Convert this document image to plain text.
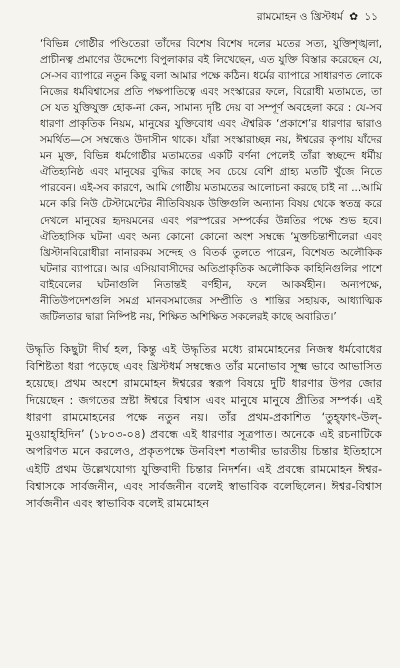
রামমোহন ও খ্রিস্টধর্ম ✿ ১১

‘বিভিন্ন গোষ্ঠীর পণ্ডিতেরা তাঁদের বিশেষ বিশেষ দলের মতের সত্য, যুক্তিশৃঙ্খলা, প্রাচীনত্ব প্রমাণের উদ্দেশ্যে বিপুলাকার বই লিখেছেন, এত যুক্তি বিস্তার করেছেন যে, সে-সব ব্যাপারে নতুন কিছু বলা আমার পক্ষে কঠিন। ধর্মের ব্যাপারে সাধারণত লোকে নিজের ধর্মবিশ্বাসের প্রতি পক্ষপাতিত্বে এবং সংস্কারের ফলে, বিরোধী মতামতে, তা সে যত যুক্তিযুক্ত হোক-না কেন, সামান্য দৃষ্টি দেয় বা সম্পূর্ণ অবহেলা করে : যে-সব ধারণা প্রাকৃতিক নিয়ম, মানুষের যুক্তিবোধ এবং ঐশ্বরিক ‘প্রকাশে’র ধারণার দ্বারাও সমর্থিত—সে সম্বন্ধেও উদাসীন থাকে। যাঁরা সংস্কারাচ্ছন্ন নয়, ঈশ্বরের কৃপায় যাঁদের মন মুক্ত, বিভিন্ন ধর্মগোষ্ঠীর মতামতের একটি বর্ণনা পেলেই তাঁরা স্বচ্ছন্দে ধর্মীয় ঐতিহ্যনিষ্ঠ এবং মানুষের বুদ্ধির কাছে সব চেয়ে বেশি গ্রাহ্য মতটি খুঁজে নিতে পারবেন। এই-সব কারণে, আমি গোষ্ঠীয় মতামতের আলোচনা করছে চাই না ...আমি মনে করি নিউ টেস্টামেন্টের নীতিবিষয়ক উক্তিগুলি অন্যান্য বিষয় থেকে স্বতন্ত্র করে দেখলে মানুষের হৃদয়মনের এবং পরস্পরের সম্পর্কের উন্নতির পক্ষে শুভ হবে। ঐতিহাসিক ঘটনা এবং অন্য কোনো কোনো অংশ সম্বন্ধে ‘মুক্তচিন্তাশীলেরা এবং খ্রিস্টানবিরোধীরা নানারকম সন্দেহ ও বিতর্ক তুলতে পারেন, বিশেষত অলৌকিক ঘটনার ব্যাপারে। আর এসিয়াবাসীদের অতিপ্রাকৃতিক অলৌকিক কাহিনিগুলির পাশে বাইবেলের ঘটনাগুলি নিতান্তই বর্ণহীন, ফলে আকর্ষহীন। অন্যপক্ষে, নীতিউপদেশগুলি সমগ্র মানবসমাজের সম্প্রীতি ও শান্তির সহায়ক, আধ্যাত্মিক জটিলতার দ্বারা নিষ্পিষ্ট নয়, শিক্ষিত অশিক্ষিত সকলেরই কাছে অবারিত।’

উদ্ধৃতি কিছুটা দীর্ঘ হল, কিন্তু এই উদ্ধৃতির মধ্যে রামমোহনের নিজস্ব ধর্মবোধের বিশিষ্টতা ধরা পড়েছে এবং খ্রিস্টধর্ম সম্বন্ধেও তাঁর মনোভাব সূক্ষ্ম ভাবে আভাসিত হয়েছে। প্রথম অংশে রামমোহন ঈশ্বরের স্বরূপ বিষয়ে দুটি ধারণার উপর জোর দিয়েছেন : জগতের স্রষ্টা ঈশ্বরে বিশ্বাস এবং মানুষে মানুষে প্রীতির সম্পর্ক। এই ধারণা রামমোহনের পক্ষে নতুন নয়। তাঁর প্রথম-প্রকাশিত ‘তুহ্‌ফাৎ-উল্-মুওয়াহ্‌হিদিন’ (১৮০৩-০৪) প্রবন্ধে এই ধারণার সূত্রপাত। অনেকে এই রচনাটিকে অপরিণত মনে করলেও, প্রকৃতপক্ষে উনবিংশ শতাব্দীর ভারতীয় চিন্তার ইতিহাসে এইটি প্রথম উল্লেখযোগ্য যুক্তিবাদী চিন্তার নিদর্শন। এই প্রবন্ধে রামমোহন ঈশ্বর-বিশ্বাসকে সার্বজনীন, এবং সার্বজনীন বলেই স্বাভাবিক বলেছিলেন। ঈশ্বর-বিশ্বাস সার্বজনীন এবং স্বাভাবিক বলেই রামমোহন
